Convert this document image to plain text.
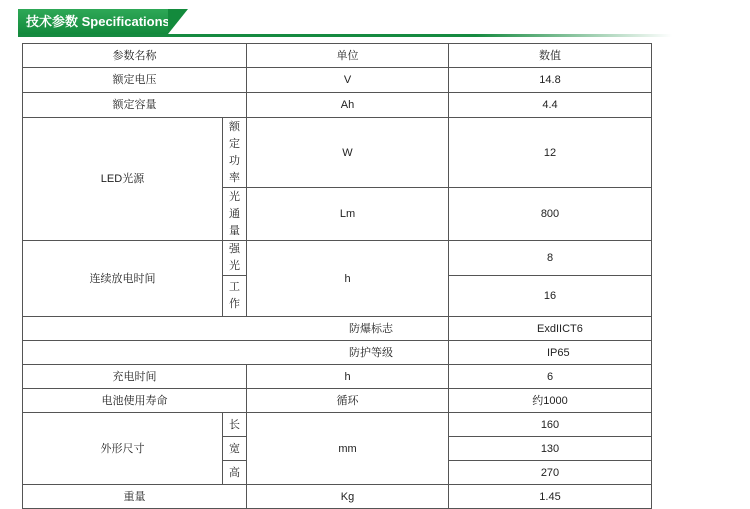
技术参数 Specifications
参数名称		单位	数值
额定电压		V	14.8
额定容量		Ah	4.4
LED光源	额定功率	W	12
	光通量	Lm	800
连续放电时间	强光	h	8
	工作		16
防爆标志			ExdIICT6
防护等级			IP65
充电时间		h	6
电池使用寿命		循环	约1000
外形尺寸	长	mm	160
	宽		130
	高		270
重量		Kg	1.45
